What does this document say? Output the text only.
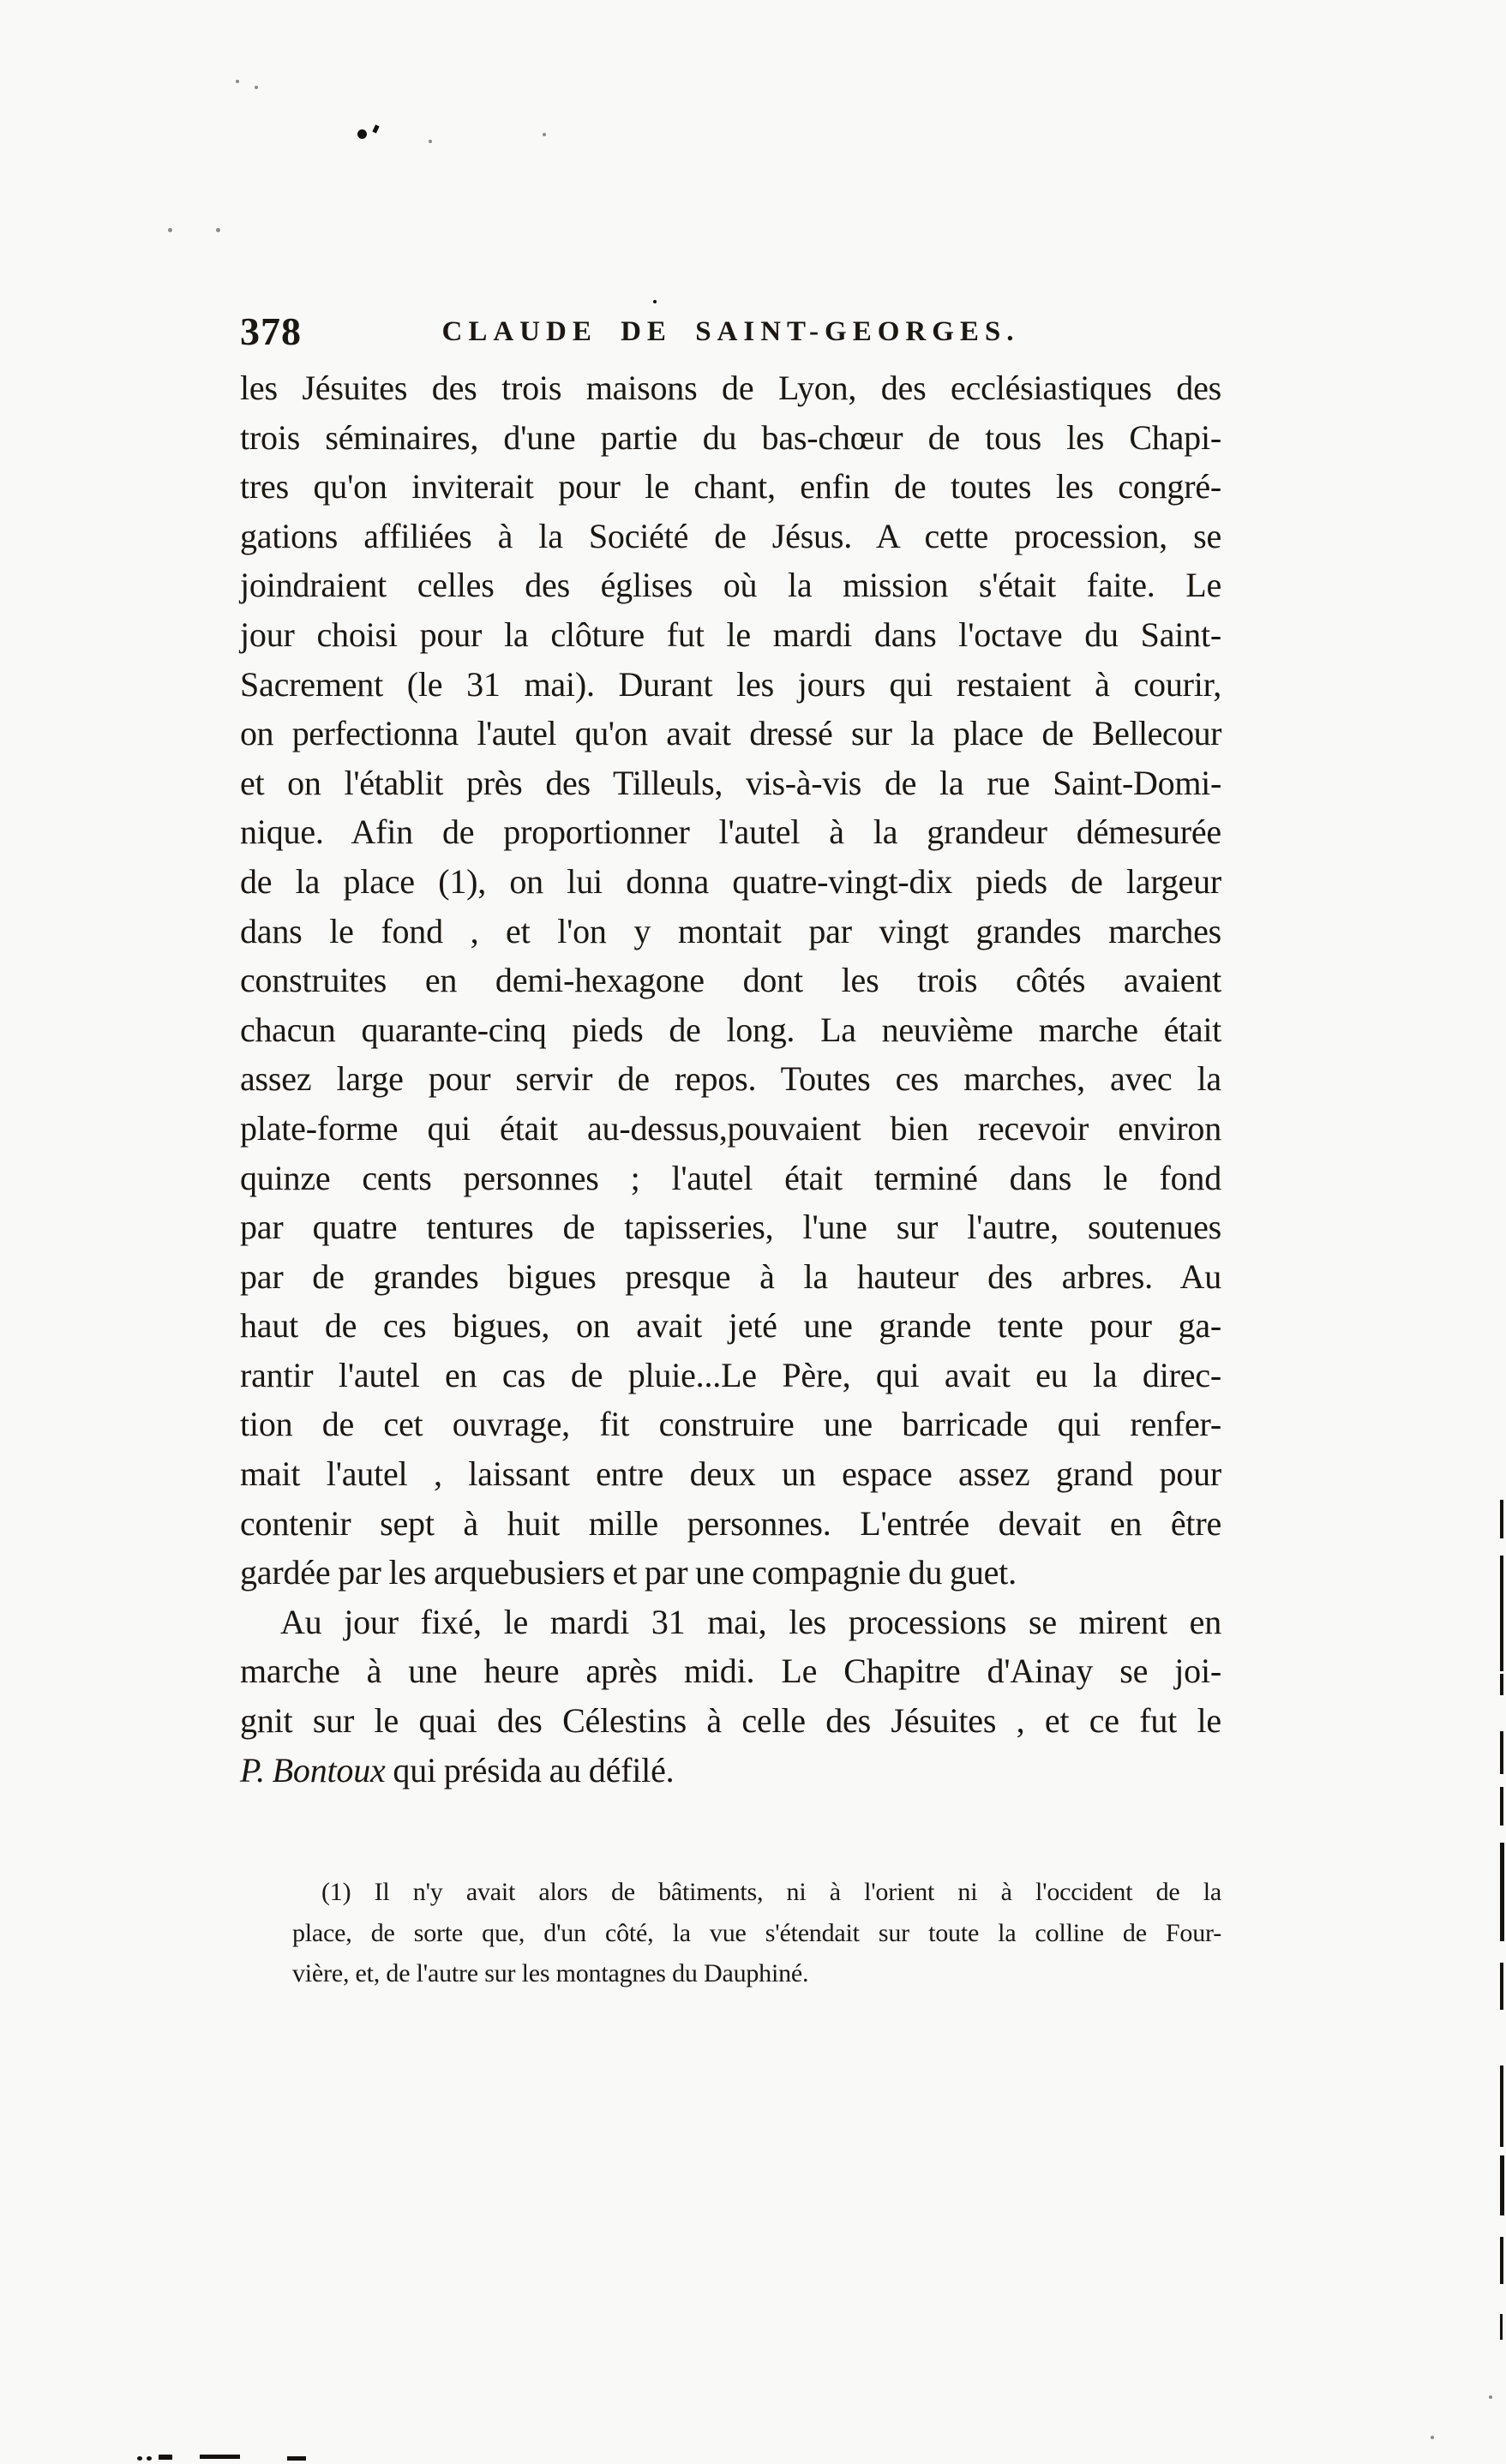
378	CLAUDE DE SAINT-GEORGES.
les Jésuites des trois maisons de Lyon, des ecclésiastiques des
trois séminaires, d'une partie du bas-chœur de tous les Chapi-
tres qu'on inviterait pour le chant, enfin de toutes les congré-
gations affiliées à la Société de Jésus. A cette procession, se
joindraient celles des églises où la mission s'était faite. Le
jour choisi pour la clôture fut le mardi dans l'octave du Saint-
Sacrement (le 31 mai). Durant les jours qui restaient à courir,
on perfectionna l'autel qu'on avait dressé sur la place de Bellecour
et on l'établit près des Tilleuls, vis-à-vis de la rue Saint-Domi-
nique. Afin de proportionner l'autel à la grandeur démesurée
de la place (1), on lui donna quatre-vingt-dix pieds de largeur
dans le fond , et l'on y montait par vingt grandes marches
construites en demi-hexagone dont les trois côtés avaient
chacun quarante-cinq pieds de long. La neuvième marche était
assez large pour servir de repos. Toutes ces marches, avec la
plate-forme qui était au-dessus,pouvaient bien recevoir environ
quinze cents personnes ; l'autel était terminé dans le fond
par quatre tentures de tapisseries, l'une sur l'autre, soutenues
par de grandes bigues presque à la hauteur des arbres. Au
haut de ces bigues, on avait jeté une grande tente pour ga-
rantir l'autel en cas de pluie...Le Père, qui avait eu la direc-
tion de cet ouvrage, fit construire une barricade qui renfer-
mait l'autel , laissant entre deux un espace assez grand pour
contenir sept à huit mille personnes. L'entrée devait en être
gardée par les arquebusiers et par une compagnie du guet.
Au jour fixé, le mardi 31 mai, les processions se mirent en
marche à une heure après midi. Le Chapitre d'Ainay se joi-
gnit sur le quai des Célestins à celle des Jésuites , et ce fut le
P. Bontoux qui présida au défilé.
(1) Il n'y avait alors de bâtiments, ni à l'orient ni à l'occident de la
place, de sorte que, d'un côté, la vue s'étendait sur toute la colline de Four-
vière, et, de l'autre sur les montagnes du Dauphiné.
